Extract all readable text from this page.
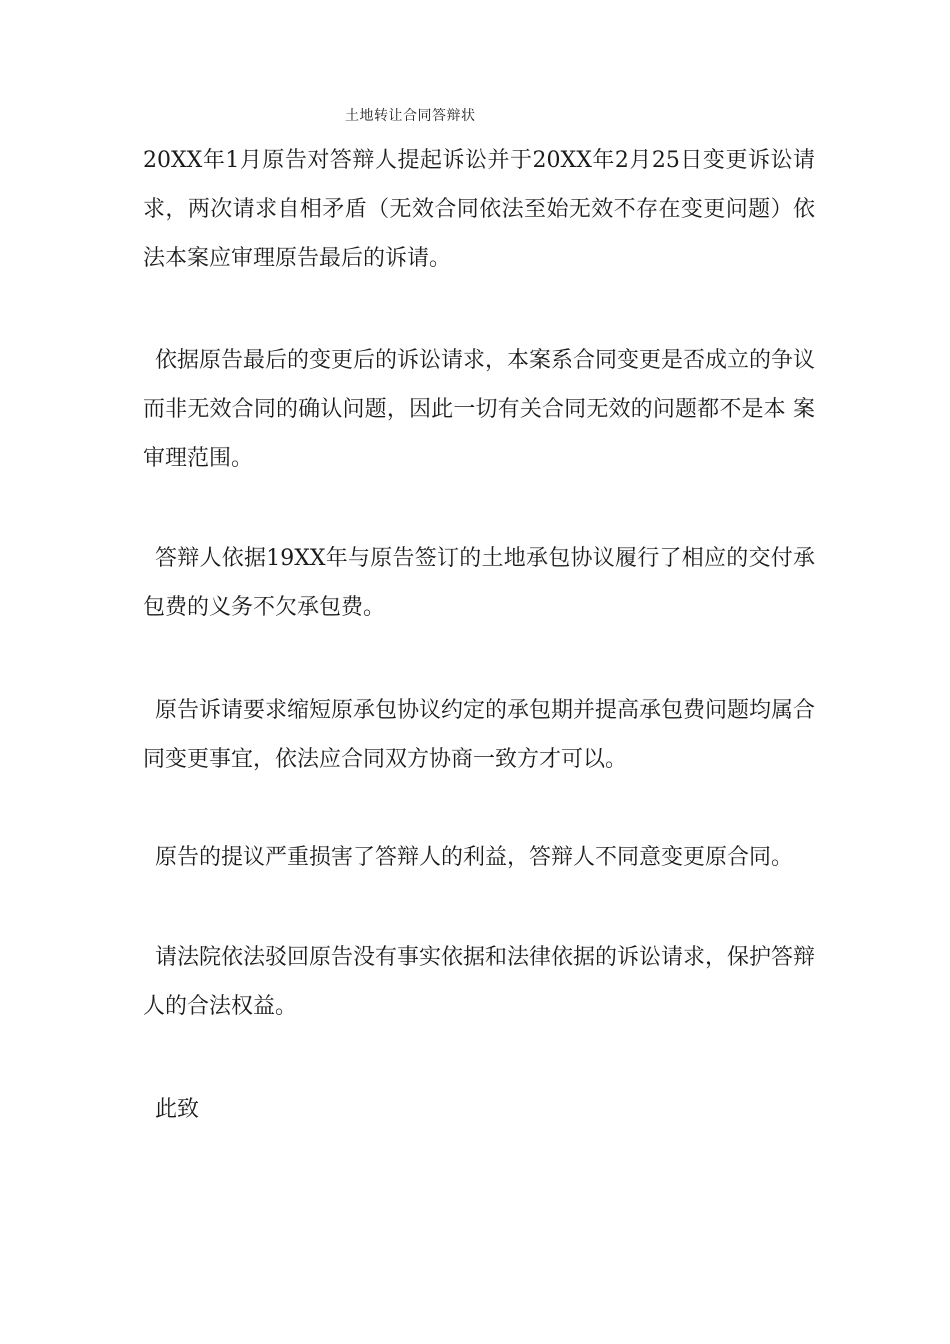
土地转让合同答辩状

20XX年1月原告对答辩人提起诉讼并于20XX年2月25日变更诉讼请求，两次请求自相矛盾（无效合同依法至始无效不存在变更问题）依 法本案应审理原告最后的诉请。

依据原告最后的变更后的诉讼请求，本案系合同变更是否成立的争议而非无效合同的确认问题，因此一切有关合同无效的问题都不是本 案审理范围。

答辩人依据19XX年与原告签订的土地承包协议履行了相应的交付承包费的义务不欠承包费。

原告诉请要求缩短原承包协议约定的承包期并提高承包费问题均属合同变更事宜，依法应合同双方协商一致方才可以。

原告的提议严重损害了答辩人的利益，答辩人不同意变更原合同。

请法院依法驳回原告没有事实依据和法律依据的诉讼请求，保护答辩人的合法权益。

此致
